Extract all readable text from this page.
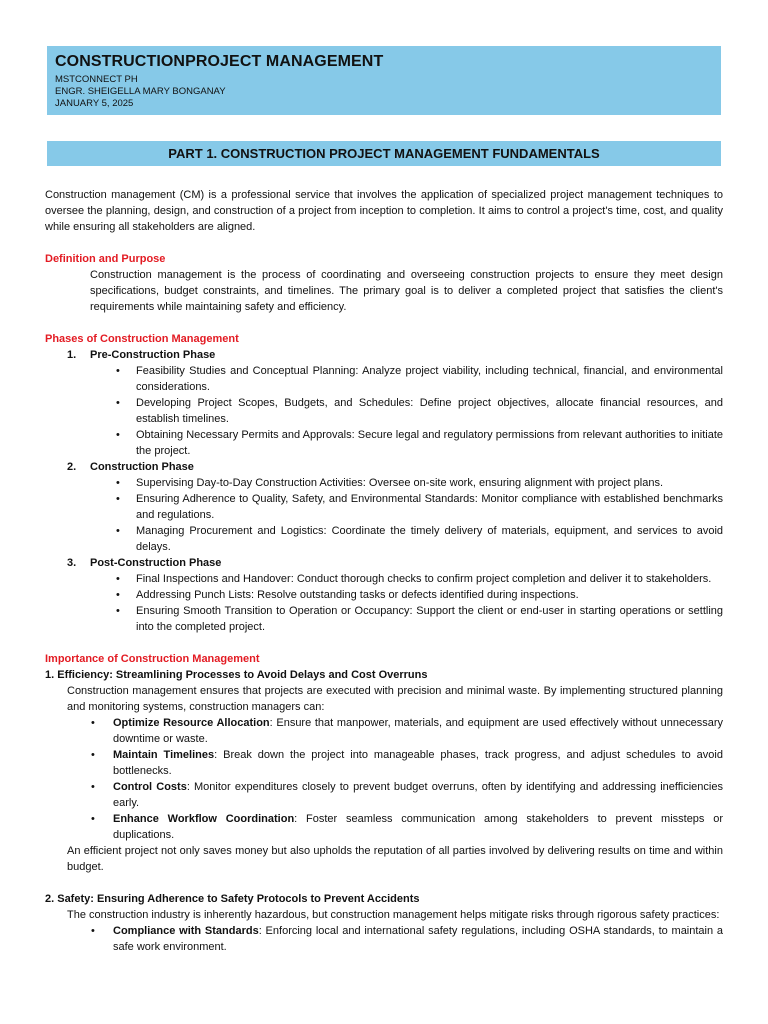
CONSTRUCTIONPROJECT MANAGEMENT
MSTCONNECT PH
ENGR. SHEIGELLA MARY BONGANAY
JANUARY 5, 2025
PART 1. CONSTRUCTION PROJECT MANAGEMENT FUNDAMENTALS

Construction management (CM) is a professional service that involves the application of specialized project management techniques to oversee the planning, design, and construction of a project from inception to completion. It aims to control a project's time, cost, and quality while ensuring all stakeholders are aligned.

Definition and Purpose

Construction management is the process of coordinating and overseeing construction projects to ensure they meet design specifications, budget constraints, and timelines. The primary goal is to deliver a completed project that satisfies the client's requirements while maintaining safety and efficiency.

Phases of Construction Management
1.	Pre-Construction Phase
• Feasibility Studies and Conceptual Planning: Analyze project viability, including technical, financial, and environmental considerations.
• Developing Project Scopes, Budgets, and Schedules: Define project objectives, allocate financial resources, and establish timelines.
• Obtaining Necessary Permits and Approvals: Secure legal and regulatory permissions from relevant authorities to initiate the project.
2.	Construction Phase
• Supervising Day-to-Day Construction Activities: Oversee on-site work, ensuring alignment with project plans.
• Ensuring Adherence to Quality, Safety, and Environmental Standards: Monitor compliance with established benchmarks and regulations.
• Managing Procurement and Logistics: Coordinate the timely delivery of materials, equipment, and services to avoid delays.
3.	Post-Construction Phase
• Final Inspections and Handover: Conduct thorough checks to confirm project completion and deliver it to stakeholders.
• Addressing Punch Lists: Resolve outstanding tasks or defects identified during inspections.
• Ensuring Smooth Transition to Operation or Occupancy: Support the client or end-user in starting operations or settling into the completed project.
Importance of Construction Management
1. Efficiency: Streamlining Processes to Avoid Delays and Cost Overruns

Construction management ensures that projects are executed with precision and minimal waste. By implementing structured planning and monitoring systems, construction managers can:

• Optimize Resource Allocation: Ensure that manpower, materials, and equipment are used effectively without unnecessary downtime or waste.
• Maintain Timelines: Break down the project into manageable phases, track progress, and adjust schedules to avoid bottlenecks.
• Control Costs: Monitor expenditures closely to prevent budget overruns, often by identifying and addressing inefficiencies early.
• Enhance Workflow Coordination: Foster seamless communication among stakeholders to prevent missteps or duplications.

An efficient project not only saves money but also upholds the reputation of all parties involved by delivering results on time and within budget.

2. Safety: Ensuring Adherence to Safety Protocols to Prevent Accidents

The construction industry is inherently hazardous, but construction management helps mitigate risks through rigorous safety practices:

• Compliance with Standards: Enforcing local and international safety regulations, including OSHA standards, to maintain a safe work environment.
